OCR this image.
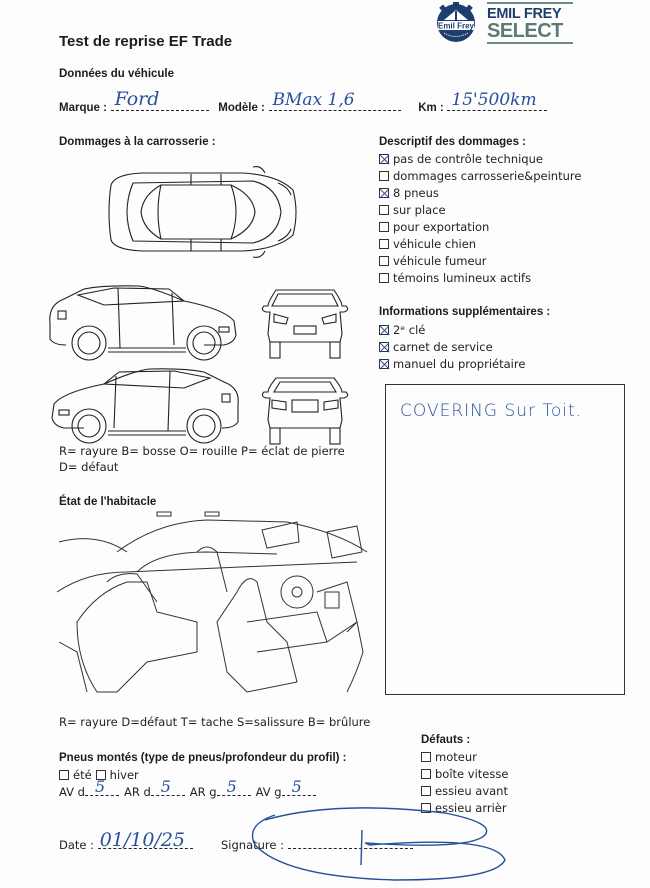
Emil Frey
EMIL FREY
SELECT
Test de reprise EF Trade
Données du véhicule
Marque : Ford	Modèle : BMax 1,6	Km : 15'500km
Dommages à la carrosserie :
R= rayure B= bosse O= rouille P= éclat de pierre D= défaut
Descriptif des dommages :
pas de contrôle technique
dommages carrosserie&peinture
8 pneus
sur place
pour exportation
véhicule chien
véhicule fumeur
témoins lumineux actifs
Informations supplémentaires :
2ᵉ clé
carnet de service
manuel du propriétaire
COVERING Sur Toit.
État de l'habitacle
R= rayure D=défaut T= tache S=salissure B= brûlure
Pneus montés (type de pneus/profondeur du profil) :
été hiver
AV d 5 AR d 5 AR g 5 AV g 5
Défauts :
moteur
boîte vitesse
essieu avant
essieu arrièr
Date : 01/10/25	Signature :
